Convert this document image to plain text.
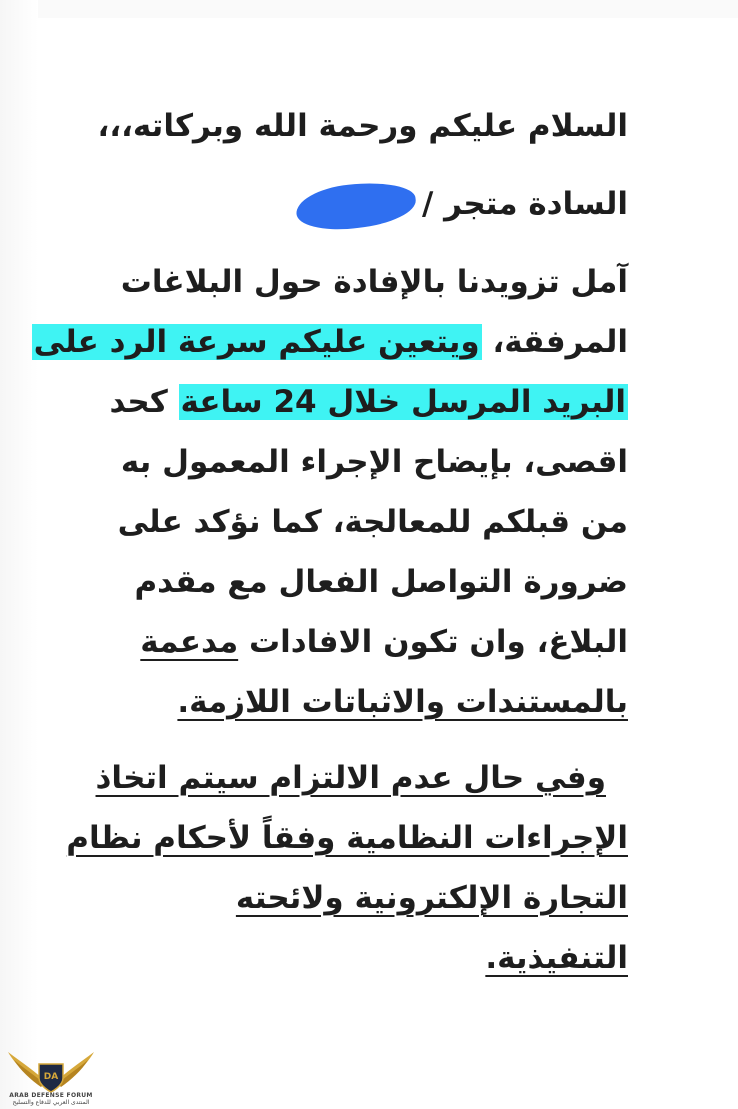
السلام عليكم ورحمة الله وبركاته،،،
السادة متجر /
آمل تزويدنا بالإفادة حول البلاغات
المرفقة، ويتعين عليكم سرعة الرد على
البريد المرسل خلال 24 ساعة كحد
اقصى، بإيضاح الإجراء المعمول به
من قبلكم للمعالجة، كما نؤكد على
ضرورة التواصل الفعال مع مقدم
البلاغ، وان تكون الافادات مدعمة
بالمستندات والاثباتات اللازمة.
وفي حال عدم الالتزام سيتم اتخاذ
الإجراءات النظامية وفقاً لأحكام نظام
التجارة الإلكترونية ولائحته
التنفيذية.
DA
ARAB DEFENSE FORUM
المنتدى العربي للدفاع والتسليح
